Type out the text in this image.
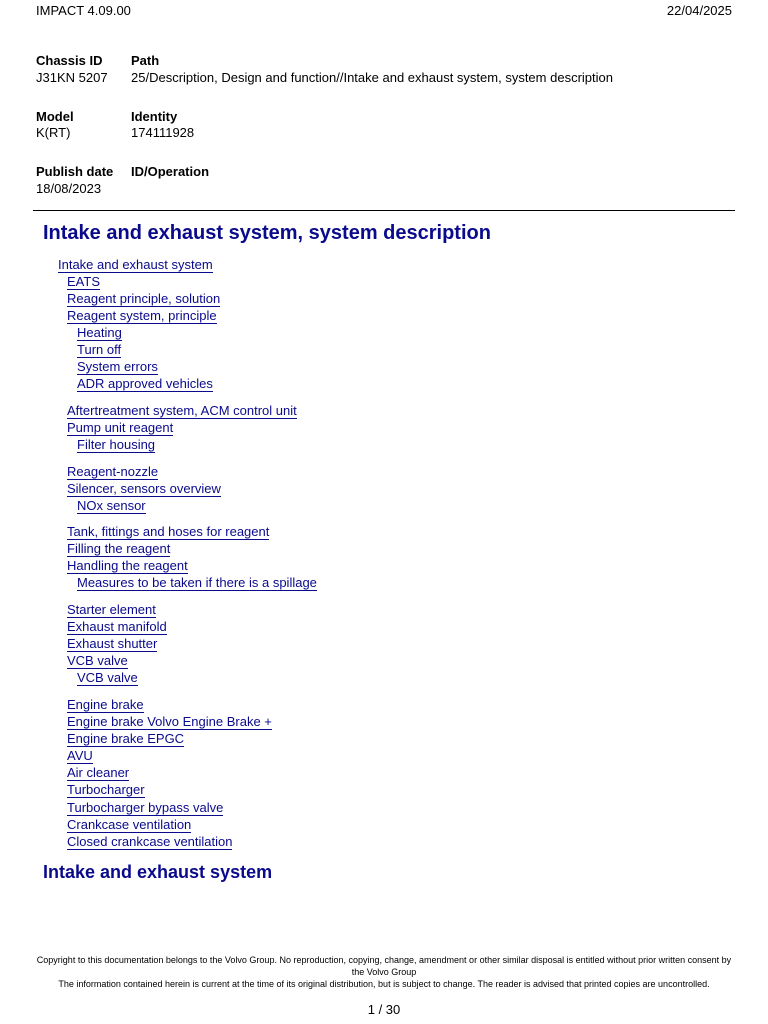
IMPACT 4.09.00	22/04/2025
Chassis ID
J31KN 5207
Path
25/Description, Design and function//Intake and exhaust system, system description
Model
K(RT)
Identity
174111928
Publish date
18/08/2023
ID/Operation
Intake and exhaust system, system description
Intake and exhaust system
EATS
Reagent principle, solution
Reagent system, principle
Heating
Turn off
System errors
ADR approved vehicles
Aftertreatment system, ACM control unit
Pump unit reagent
Filter housing
Reagent-nozzle
Silencer, sensors overview
NOx sensor
Tank, fittings and hoses for reagent
Filling the reagent
Handling the reagent
Measures to be taken if there is a spillage
Starter element
Exhaust manifold
Exhaust shutter
VCB valve
VCB valve
Engine brake
Engine brake Volvo Engine Brake +
Engine brake EPGC
AVU
Air cleaner
Turbocharger
Turbocharger bypass valve
Crankcase ventilation
Closed crankcase ventilation
Intake and exhaust system
Copyright to this documentation belongs to the Volvo Group. No reproduction, copying, change, amendment or other similar disposal is entitled without prior written consent by the Volvo Group
The information contained herein is current at the time of its original distribution, but is subject to change. The reader is advised that printed copies are uncontrolled.
1 / 30
